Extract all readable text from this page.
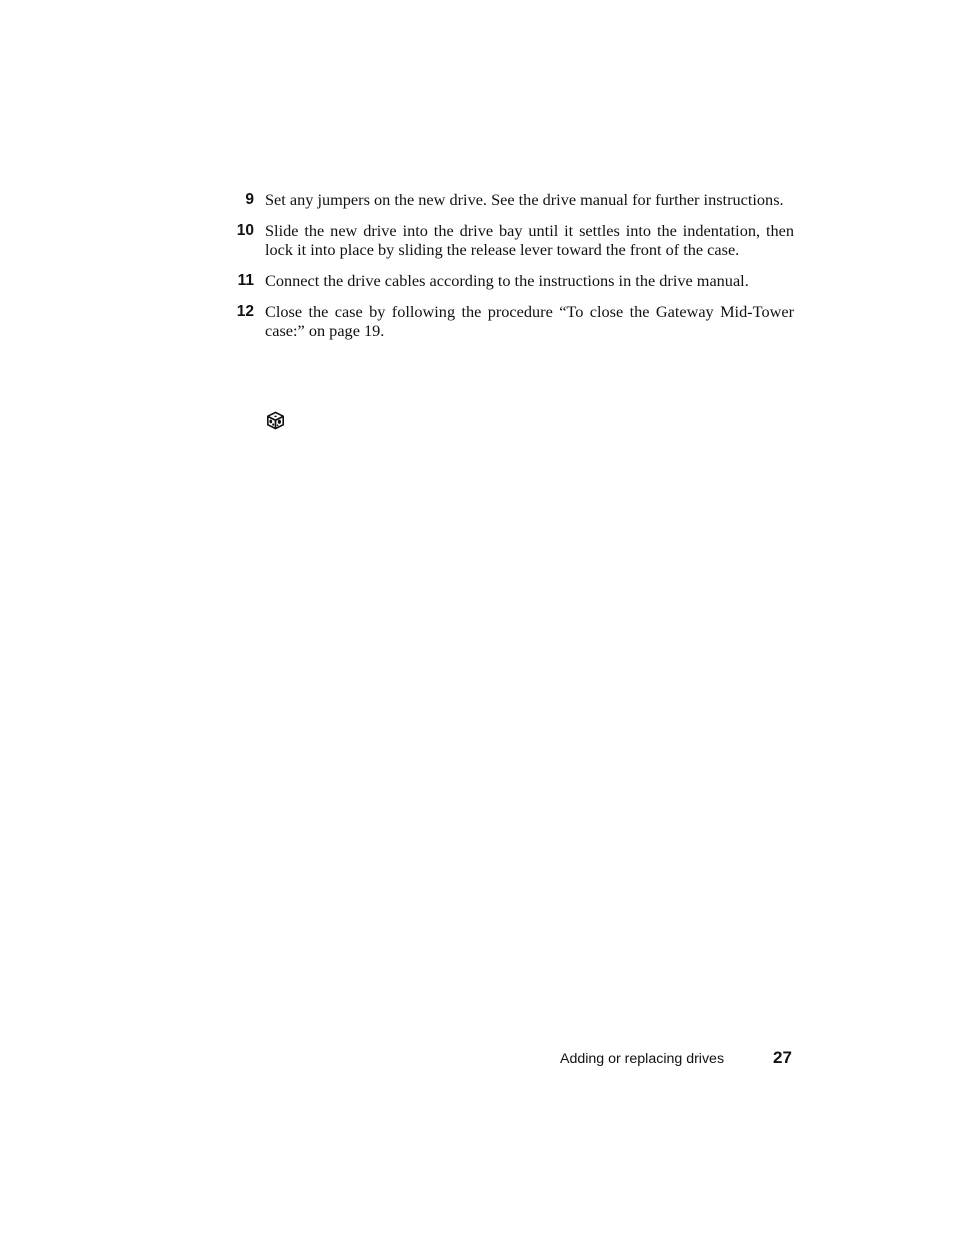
9 Set any jumpers on the new drive. See the drive manual for further instructions.
10 Slide the new drive into the drive bay until it settles into the indentation, then lock it into place by sliding the release lever toward the front of the case.
11 Connect the drive cables according to the instructions in the drive manual.
12 Close the case by following the procedure “To close the Gateway Mid-Tower case:” on page 19.
Adding or replacing drives	27
